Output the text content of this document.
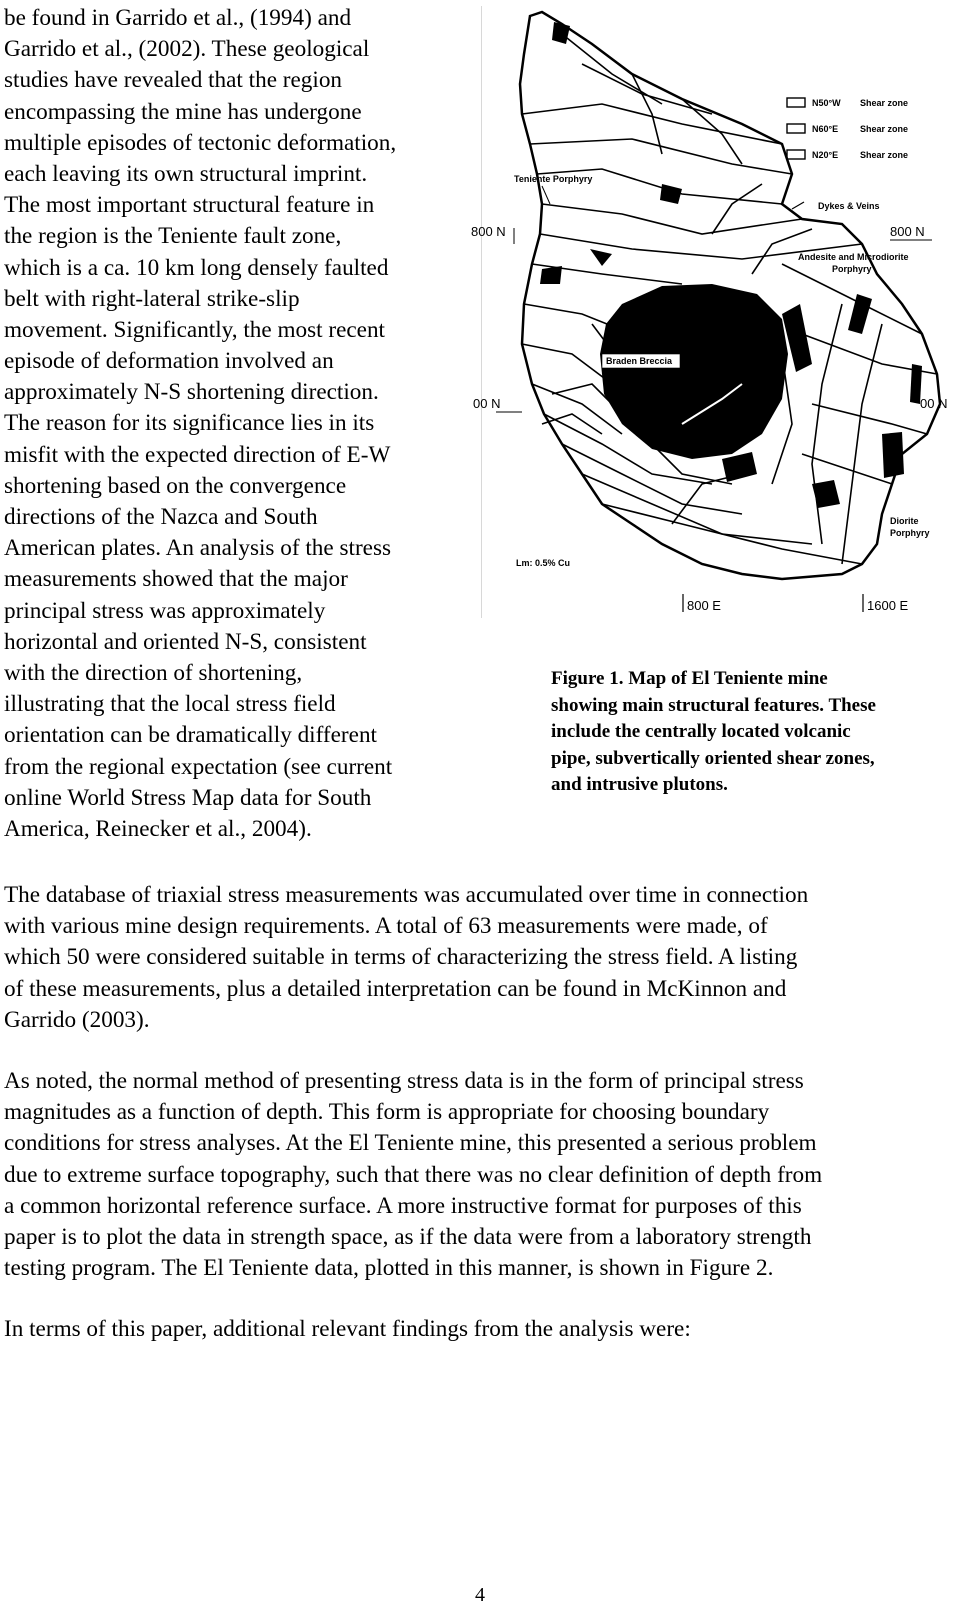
be found in Garrido et al., (1994) and
Garrido et al., (2002). These geological
studies have revealed that the region
encompassing the mine has undergone
multiple episodes of tectonic deformation,
each leaving its own structural imprint.
The most important structural feature in
the region is the Teniente fault zone,
which is a ca. 10 km long densely faulted
belt with right-lateral strike-slip
movement. Significantly, the most recent
episode of deformation involved an
approximately N-S shortening direction.
The reason for its significance lies in its
misfit with the expected direction of E-W
shortening based on the convergence
directions of the Nazca and South
American plates. An analysis of the stress
measurements showed that the major
principal stress was approximately
horizontal and oriented N-S, consistent
with the direction of shortening,
illustrating that the local stress field
orientation can be dramatically different
from the regional expectation (see current
online World Stress Map data for South
America, Reinecker et al., 2004).
Braden Breccia
N50°W Shear zone
N60°E Shear zone
N20°E Shear zone
Dykes & Veins
Teniente Porphyry
Andesite and Microdiorite
Porphyry
Diorite
Porphyry
Lm: 0.5% Cu
800 N	800 N
00 N	00 N
800 E	1600 E
Figure 1. Map of El Teniente mine
showing main structural features. These
include the centrally located volcanic
pipe, subvertically oriented shear zones,
and intrusive plutons.
The database of triaxial stress measurements was accumulated over time in connection
with various mine design requirements. A total of 63 measurements were made, of
which 50 were considered suitable in terms of characterizing the stress field. A listing
of these measurements, plus a detailed interpretation can be found in McKinnon and
Garrido (2003).
As noted, the normal method of presenting stress data is in the form of principal stress
magnitudes as a function of depth. This form is appropriate for choosing boundary
conditions for stress analyses. At the El Teniente mine, this presented a serious problem
due to extreme surface topography, such that there was no clear definition of depth from
a common horizontal reference surface. A more instructive format for purposes of this
paper is to plot the data in strength space, as if the data were from a laboratory strength
testing program. The El Teniente data, plotted in this manner, is shown in Figure 2.
In terms of this paper, additional relevant findings from the analysis were:
4
